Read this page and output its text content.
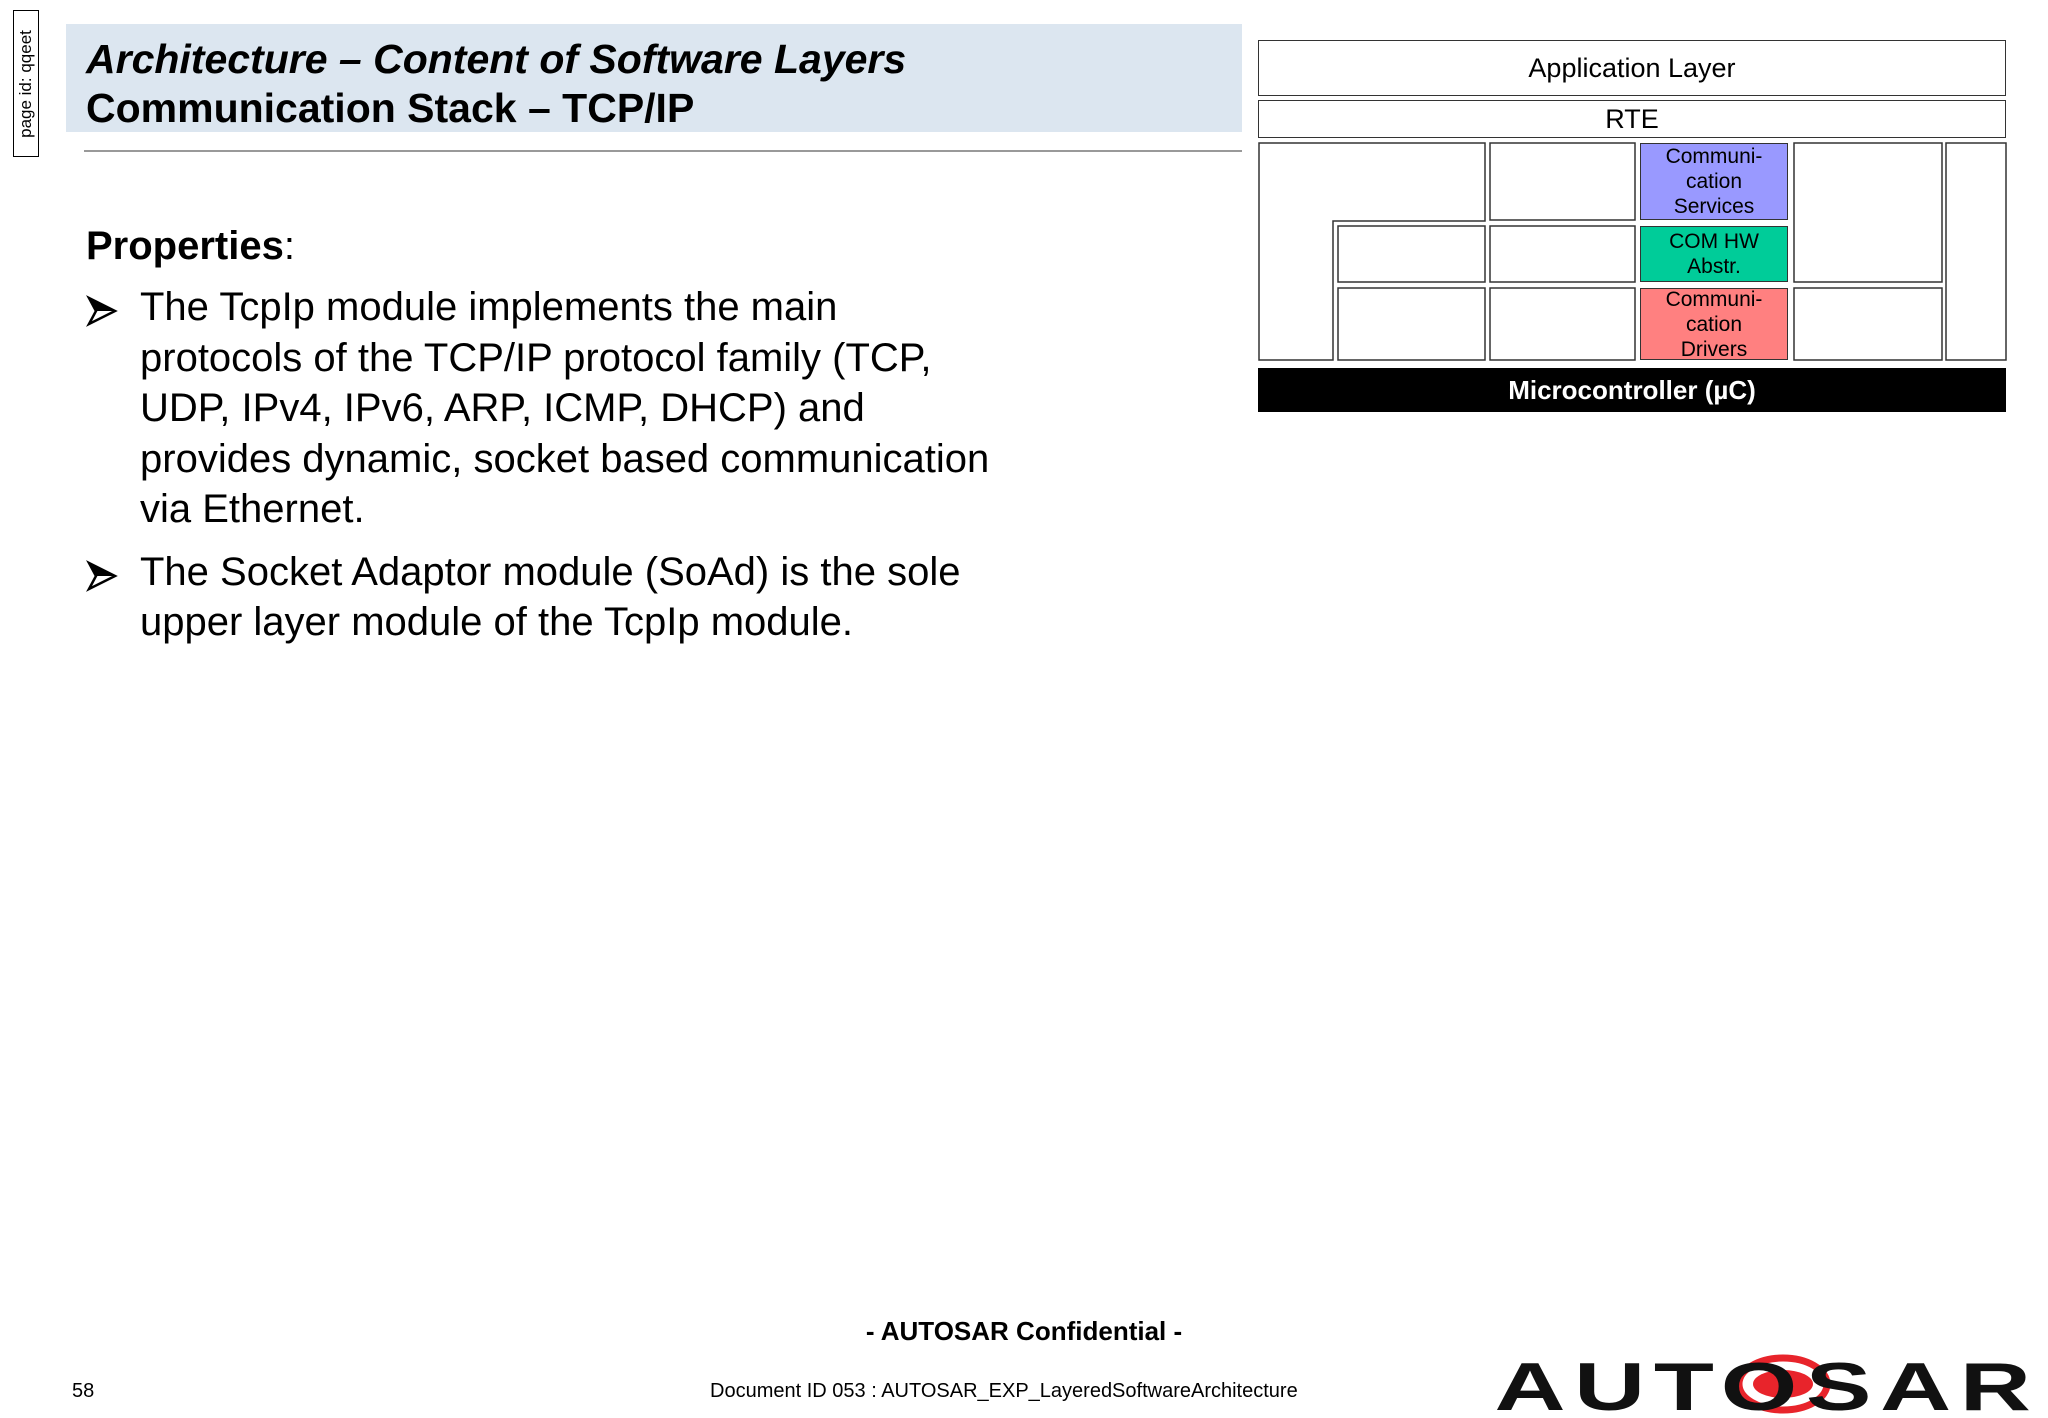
page id: qqeet Architecture – Content of Software Layers
Communication Stack – TCP/IP
Properties:
The TcpIp module implements the main protocols of the TCP/IP protocol family (TCP, UDP, IPv4, IPv6, ARP, ICMP, DHCP) and provides dynamic, socket based communication via Ethernet.
The Socket Adaptor module (SoAd) is the sole upper layer module of the TcpIp module.
Application Layer
RTE
Communi-
cation
Services
COM HW
Abstr.
Communi-
cation
Drivers
Microcontroller (µC)
- AUTOSAR Confidential -
58	Document ID 053 : AUTOSAR_EXP_LayeredSoftwareArchitecture	AUTOSAR
